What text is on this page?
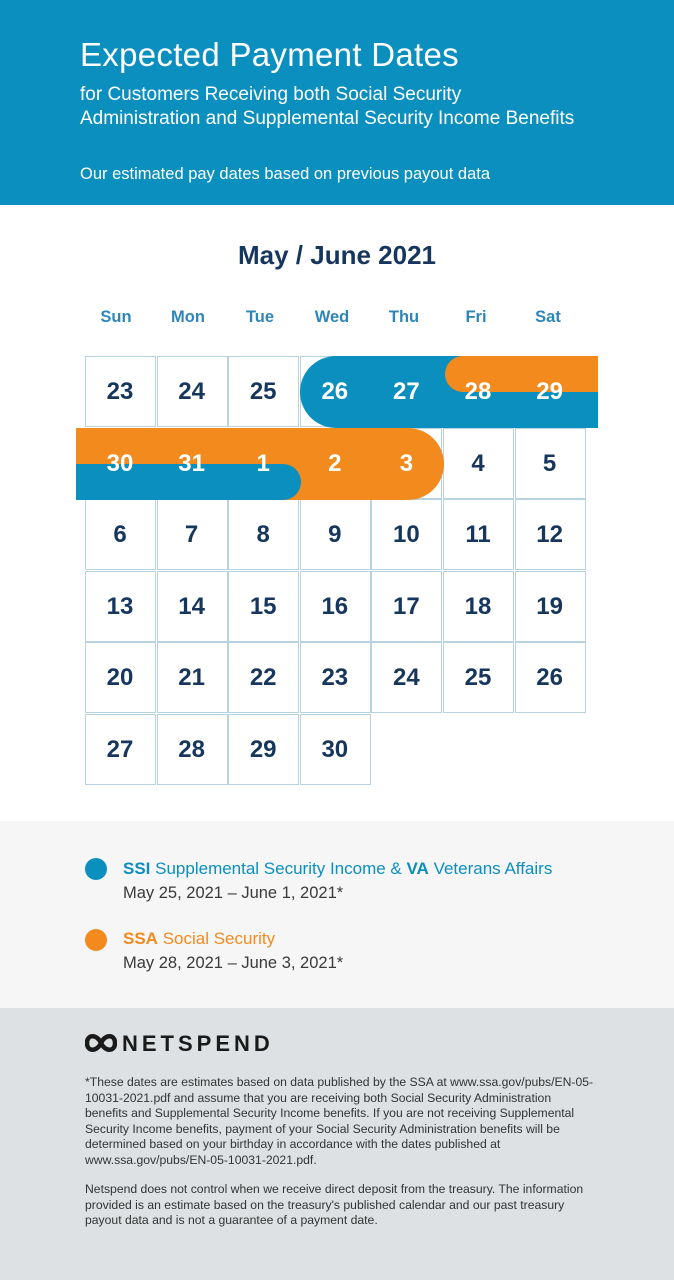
Expected Payment Dates
for Customers Receiving both Social Security
Administration and Supplemental Security Income Benefits
Our estimated pay dates based on previous payout data
May / June 2021
Sun	Mon	Tue	Wed	Thu	Fri	Sat
23	24	25	26	27	28	29
30	31	1	2	3	4	5
6	7	8	9	10	11	12
13	14	15	16	17	18	19
20	21	22	23	24	25	26
27	28	29	30
SSI Supplemental Security Income & VA Veterans Affairs
May 25, 2021 – June 1, 2021*
SSA Social Security
May 28, 2021 – June 3, 2021*
NETSPEND
*These dates are estimates based on data published by the SSA at www.ssa.gov/pubs/EN-05-10031-2021.pdf and assume that you are receiving both Social Security Administration benefits and Supplemental Security Income benefits. If you are not receiving Supplemental Security Income benefits, payment of your Social Security Administration benefits will be determined based on your birthday in accordance with the dates published at www.ssa.gov/pubs/EN-05-10031-2021.pdf.
Netspend does not control when we receive direct deposit from the treasury. The information provided is an estimate based on the treasury's published calendar and our past treasury payout data and is not a guarantee of a payment date.
